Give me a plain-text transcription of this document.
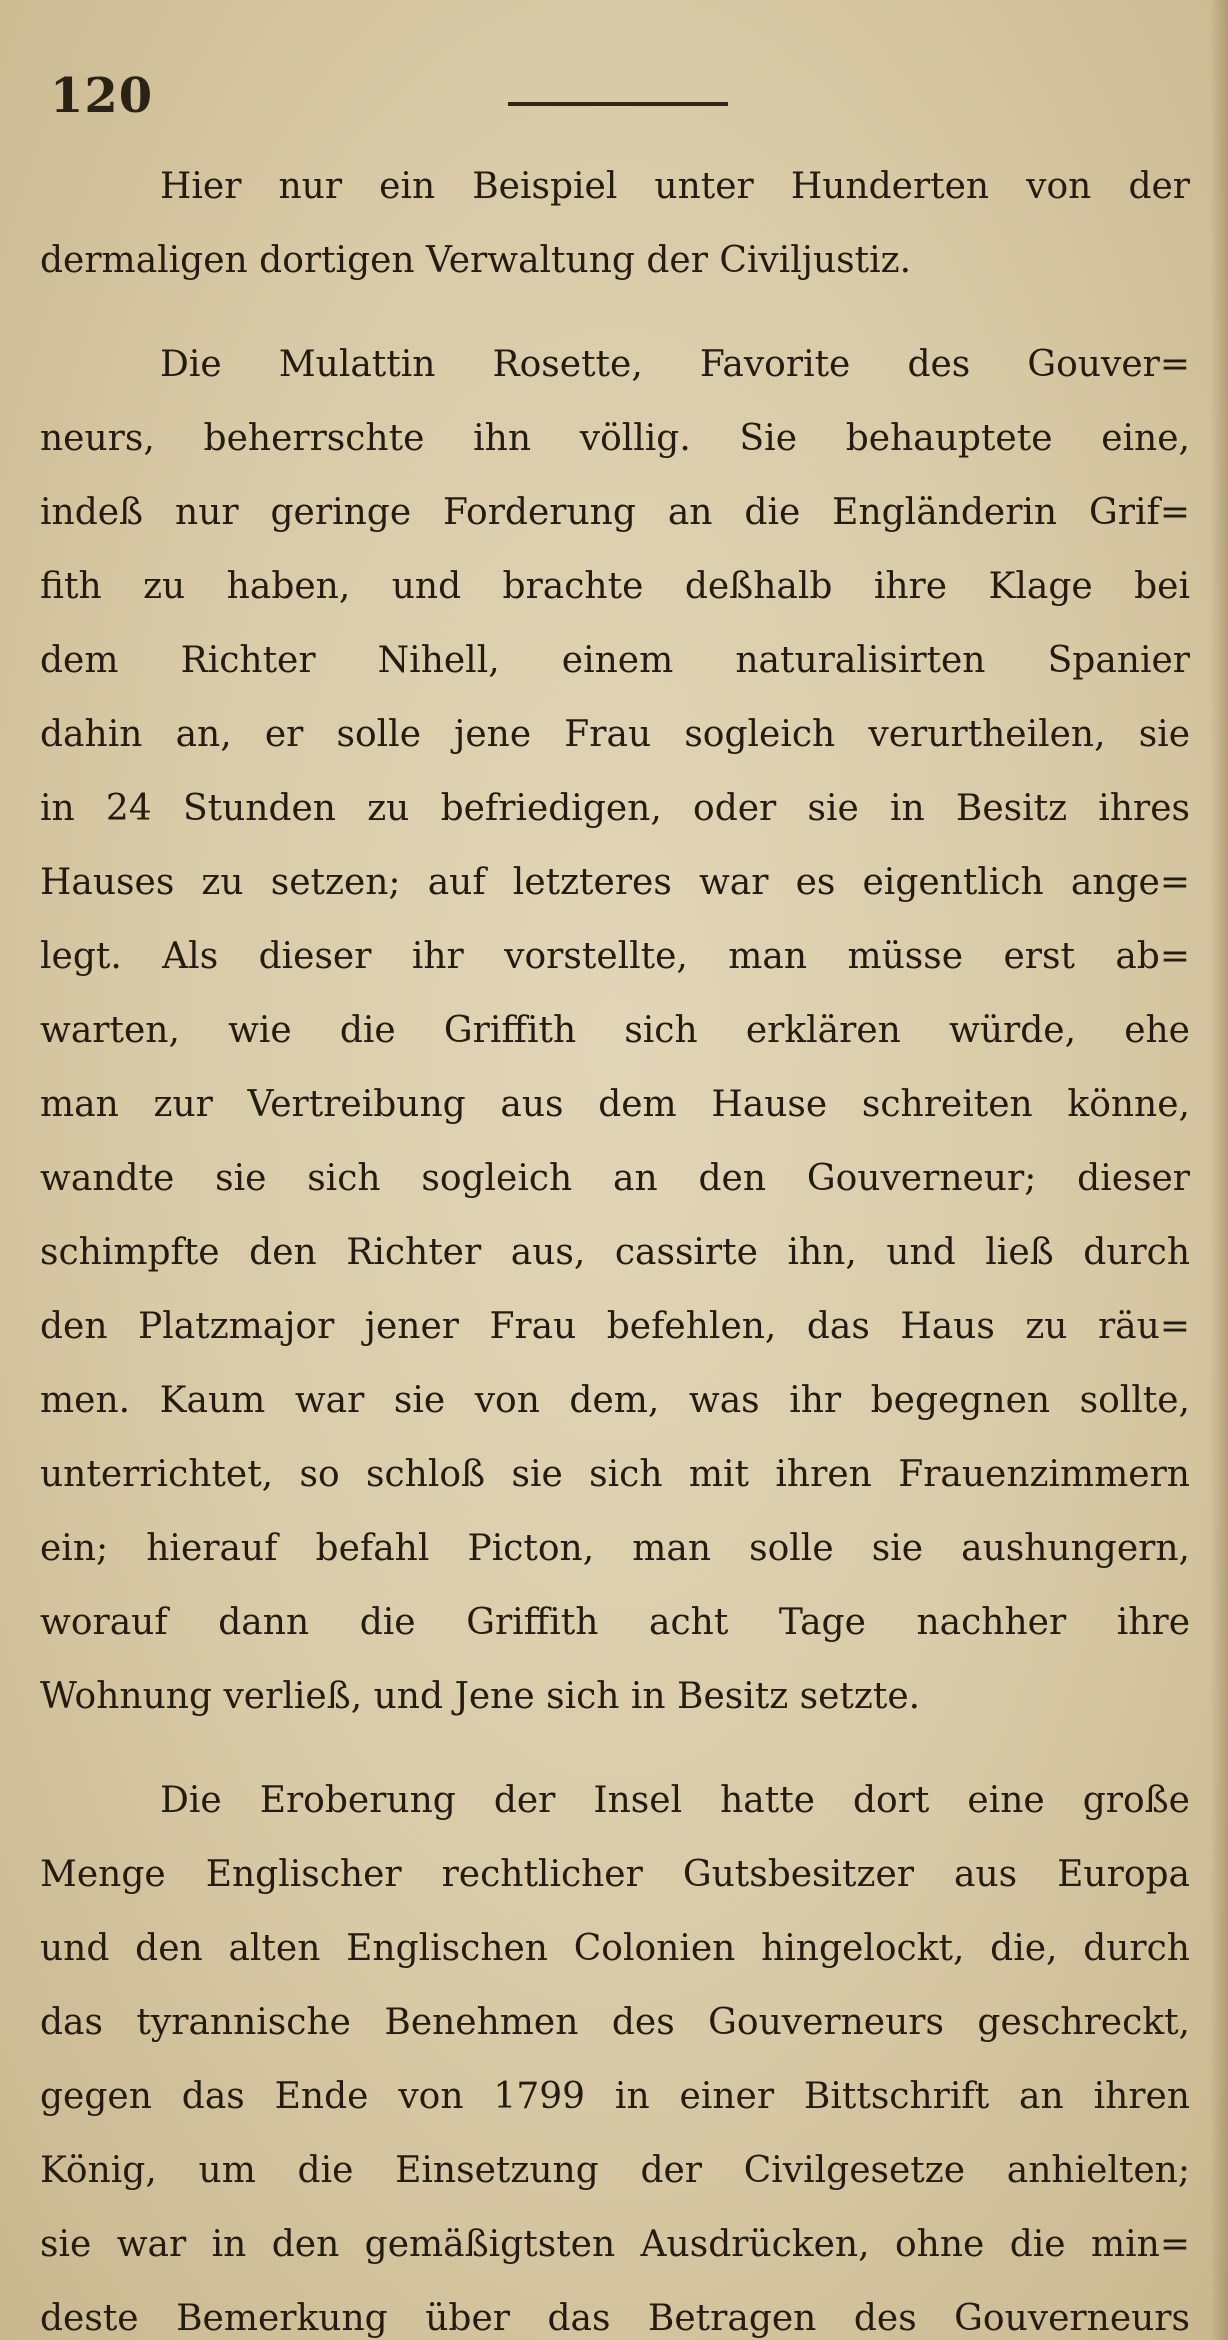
120
Hier nur ein Beispiel unter Hunderten von der
dermaligen dortigen Verwaltung der Civiljustiz.
Die Mulattin Rosette, Favorite des Gouver=
neurs, beherrschte ihn völlig. Sie behauptete eine,
indeß nur geringe Forderung an die Engländerin Grif=
fith zu haben, und brachte deßhalb ihre Klage bei
dem Richter Nihell, einem naturalisirten Spanier
dahin an, er solle jene Frau sogleich verurtheilen, sie
in 24 Stunden zu befriedigen, oder sie in Besitz ihres
Hauses zu setzen; auf letzteres war es eigentlich ange=
legt. Als dieser ihr vorstellte, man müsse erst ab=
warten, wie die Griffith sich erklären würde, ehe
man zur Vertreibung aus dem Hause schreiten könne,
wandte sie sich sogleich an den Gouverneur; dieser
schimpfte den Richter aus, cassirte ihn, und ließ durch
den Platzmajor jener Frau befehlen, das Haus zu räu=
men. Kaum war sie von dem, was ihr begegnen sollte,
unterrichtet, so schloß sie sich mit ihren Frauenzimmern
ein; hierauf befahl Picton, man solle sie aushungern,
worauf dann die Griffith acht Tage nachher ihre
Wohnung verließ, und Jene sich in Besitz setzte.
Die Eroberung der Insel hatte dort eine große
Menge Englischer rechtlicher Gutsbesitzer aus Europa
und den alten Englischen Colonien hingelockt, die, durch
das tyrannische Benehmen des Gouverneurs geschreckt,
gegen das Ende von 1799 in einer Bittschrift an ihren
König, um die Einsetzung der Civilgesetze anhielten;
sie war in den gemäßigtsten Ausdrücken, ohne die min=
deste Bemerkung über das Betragen des Gouverneurs
